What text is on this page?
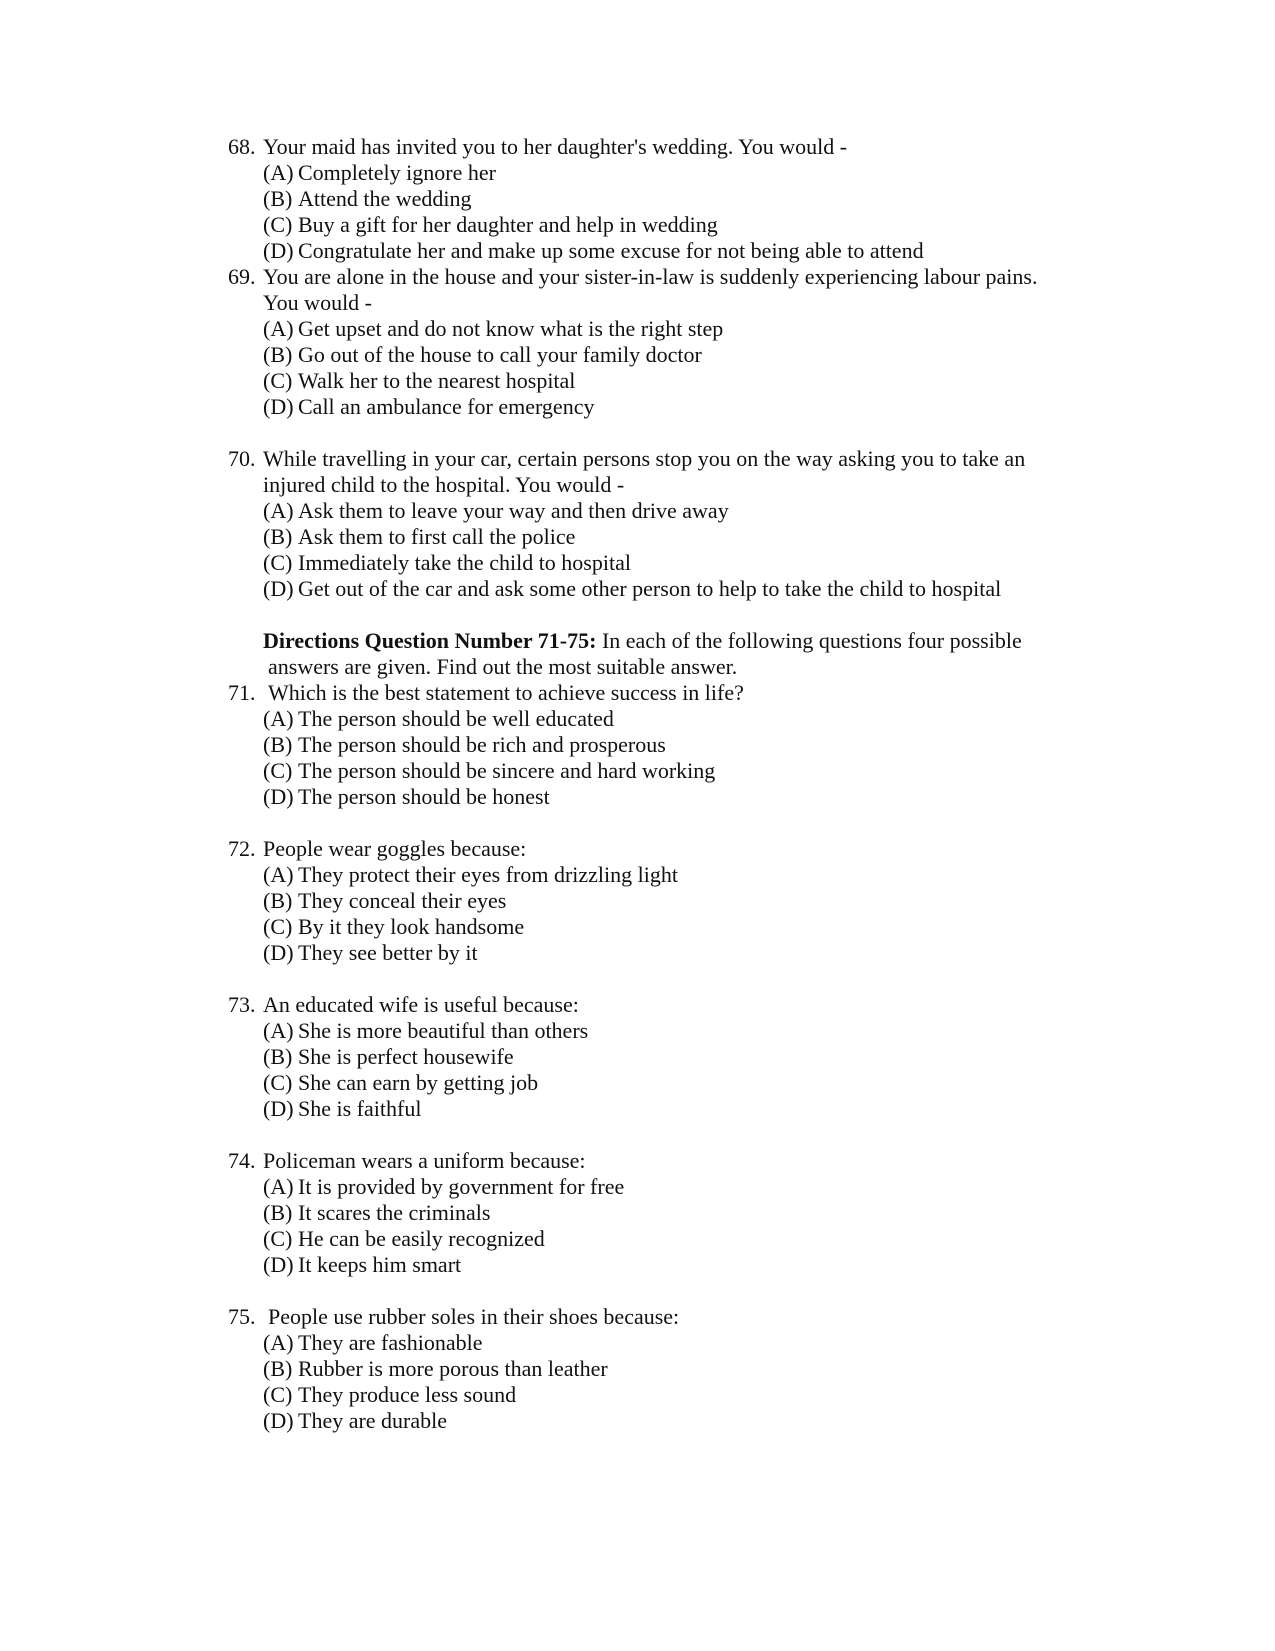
68. Your maid has invited you to her daughter's wedding. You would -
(A) Completely ignore her
(B) Attend the wedding
(C) Buy a gift for her daughter and help in wedding
(D) Congratulate her and make up some excuse for not being able to attend
69. You are alone in the house and your sister-in-law is suddenly experiencing labour pains.
You would -
(A) Get upset and do not know what is the right step
(B) Go out of the house to call your family doctor
(C) Walk her to the nearest hospital
(D) Call an ambulance for emergency
70. While travelling in your car, certain persons stop you on the way asking you to take an
injured child to the hospital. You would -
(A) Ask them to leave your way and then drive away
(B) Ask them to first call the police
(C) Immediately take the child to hospital
(D) Get out of the car and ask some other person to help to take the child to hospital
Directions Question Number 71-75: In each of the following questions four possible
answers are given. Find out the most suitable answer.
71. Which is the best statement to achieve success in life?
(A) The person should be well educated
(B) The person should be rich and prosperous
(C) The person should be sincere and hard working
(D) The person should be honest
72. People wear goggles because:
(A) They protect their eyes from drizzling light
(B) They conceal their eyes
(C) By it they look handsome
(D) They see better by it
73. An educated wife is useful because:
(A) She is more beautiful than others
(B) She is perfect housewife
(C) She can earn by getting job
(D) She is faithful
74. Policeman wears a uniform because:
(A) It is provided by government for free
(B) It scares the criminals
(C) He can be easily recognized
(D) It keeps him smart
75. People use rubber soles in their shoes because:
(A) They are fashionable
(B) Rubber is more porous than leather
(C) They produce less sound
(D) They are durable
